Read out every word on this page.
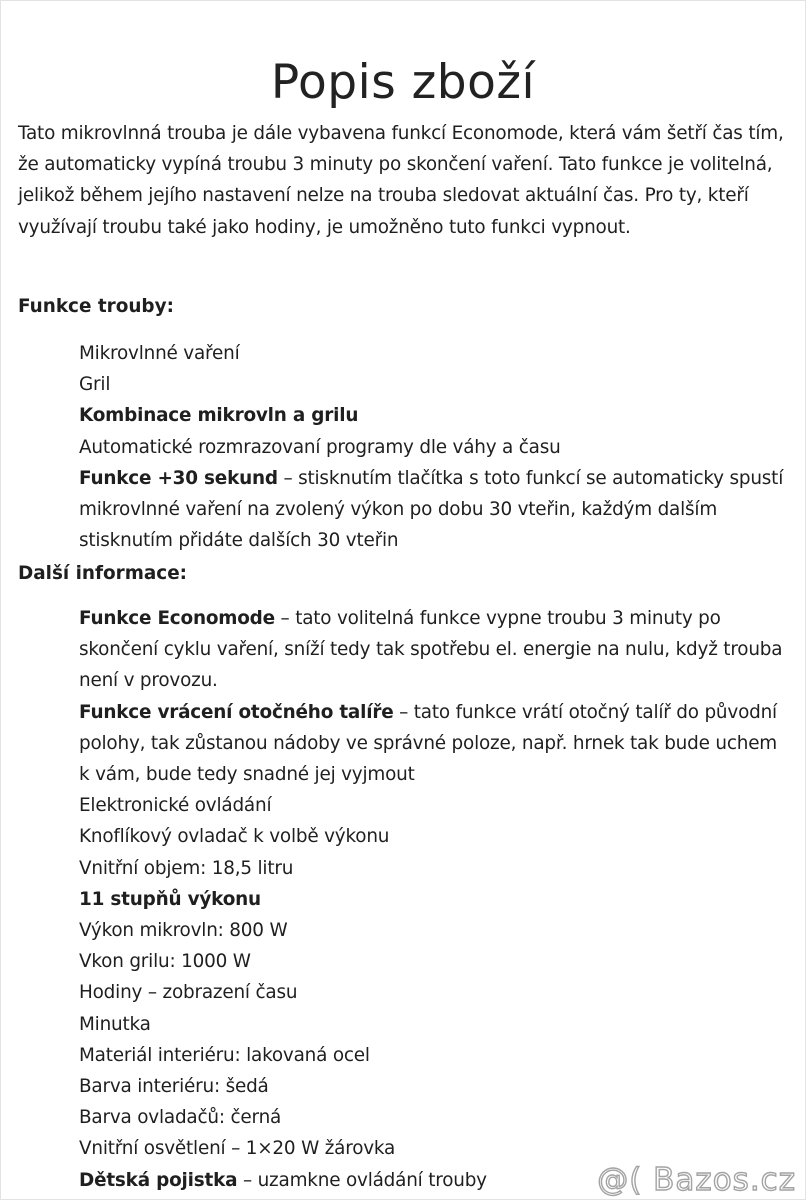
Popis zboží

Tato mikrovlnná trouba je dále vybavena funkcí Economode, která vám šetří čas tím, že automaticky vypíná troubu 3 minuty po skončení vaření. Tato funkce je volitelná, jelikož během jejího nastavení nelze na trouba sledovat aktuální čas. Pro ty, kteří využívají troubu také jako hodiny, je umožněno tuto funkci vypnout.

Funkce trouby:
Mikrovlnné vaření
Gril
Kombinace mikrovln a grilu
Automatické rozmrazovaní programy dle váhy a času
Funkce +30 sekund – stisknutím tlačítka s toto funkcí se automaticky spustí mikrovlnné vaření na zvolený výkon po dobu 30 vteřin, každým dalším stisknutím přidáte dalších 30 vteřin
Další informace:
Funkce Economode – tato volitelná funkce vypne troubu 3 minuty po skončení cyklu vaření, sníží tedy tak spotřebu el. energie na nulu, když trouba není v provozu.
Funkce vrácení otočného talíře – tato funkce vrátí otočný talíř do původní polohy, tak zůstanou nádoby ve správné poloze, např. hrnek tak bude uchem k vám, bude tedy snadné jej vyjmout
Elektronické ovládání
Knoflíkový ovladač k volbě výkonu
Vnitřní objem: 18,5 litru
11 stupňů výkonu
Výkon mikrovln: 800 W
Vkon grilu: 1000 W
Hodiny – zobrazení času
Minutka
Materiál interiéru: lakovaná ocel
Barva interiéru: šedá
Barva ovladačů: černá
Vnitřní osvětlení – 1×20 W žárovka
Dětská pojistka – uzamkne ovládání trouby	@( Bazos.cz
